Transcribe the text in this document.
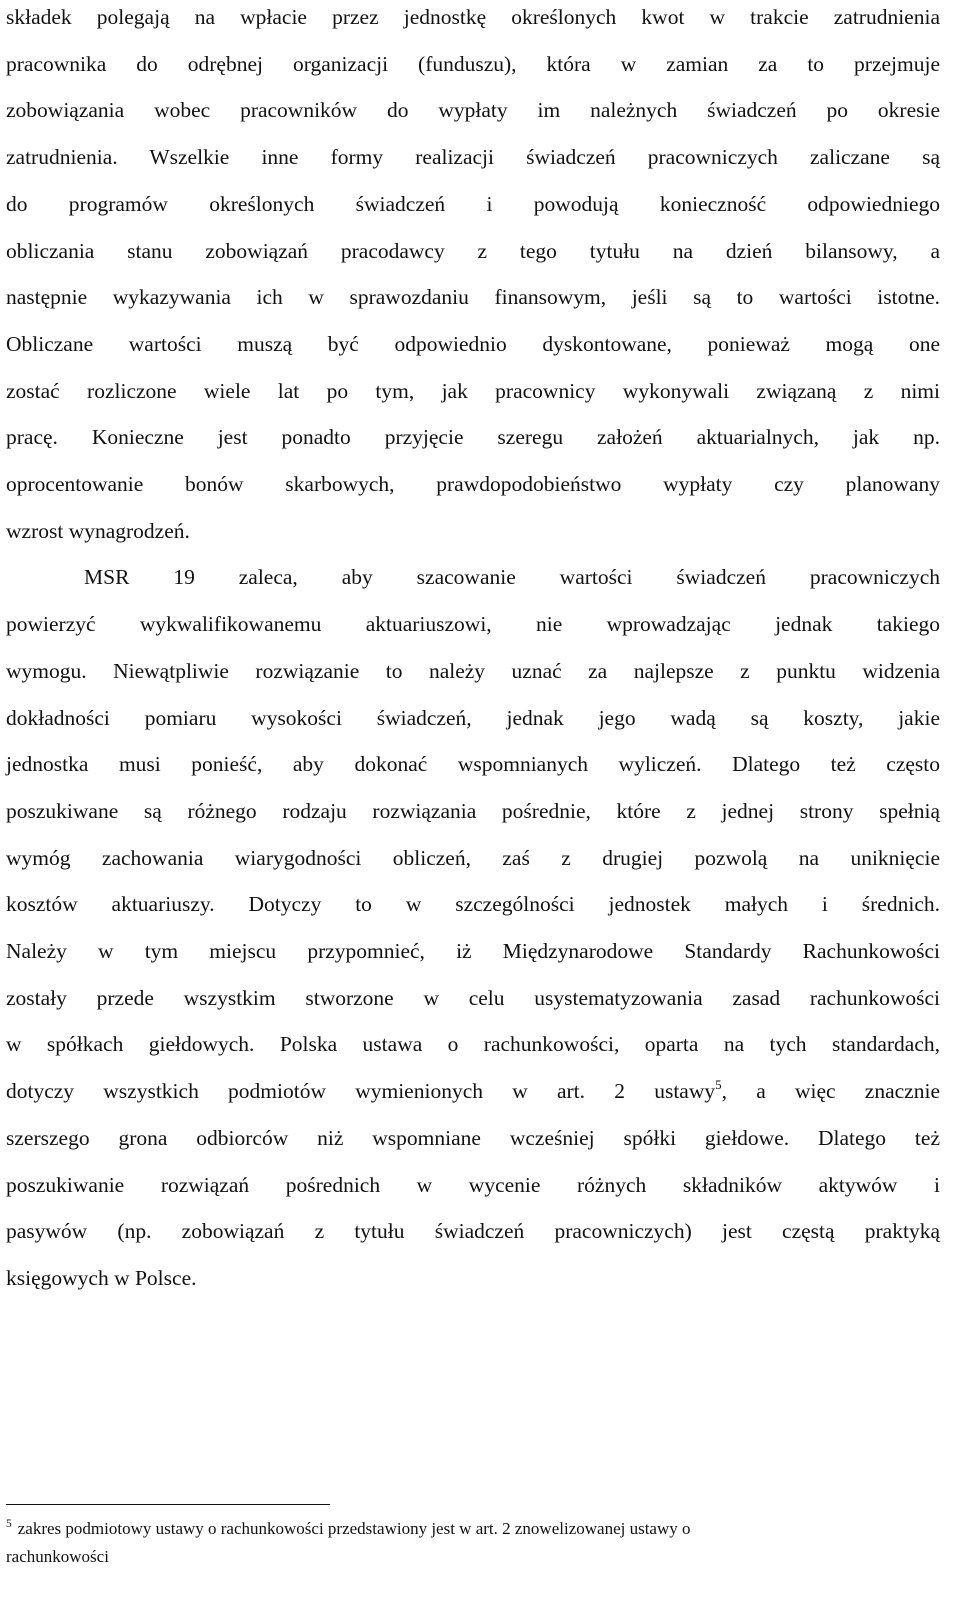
składek polegają na wpłacie przez jednostkę określonych kwot w trakcie zatrudnienia
pracownika do odrębnej organizacji (funduszu), która w zamian za to przejmuje
zobowiązania wobec pracowników do wypłaty im należnych świadczeń po okresie
zatrudnienia. Wszelkie inne formy realizacji świadczeń pracowniczych zaliczane są
do programów określonych świadczeń i powodują konieczność odpowiedniego
obliczania stanu zobowiązań pracodawcy z tego tytułu na dzień bilansowy, a
następnie wykazywania ich w sprawozdaniu finansowym, jeśli są to wartości istotne.
Obliczane wartości muszą być odpowiednio dyskontowane, ponieważ mogą one
zostać rozliczone wiele lat po tym, jak pracownicy wykonywali związaną z nimi
pracę. Konieczne jest ponadto przyjęcie szeregu założeń aktuarialnych, jak np.
oprocentowanie bonów skarbowych, prawdopodobieństwo wypłaty czy planowany
wzrost wynagrodzeń.
MSR 19 zaleca, aby szacowanie wartości świadczeń pracowniczych
powierzyć wykwalifikowanemu aktuariuszowi, nie wprowadzając jednak takiego
wymogu. Niewątpliwie rozwiązanie to należy uznać za najlepsze z punktu widzenia
dokładności pomiaru wysokości świadczeń, jednak jego wadą są koszty, jakie
jednostka musi ponieść, aby dokonać wspomnianych wyliczeń. Dlatego też często
poszukiwane są różnego rodzaju rozwiązania pośrednie, które z jednej strony spełnią
wymóg zachowania wiarygodności obliczeń, zaś z drugiej pozwolą na uniknięcie
kosztów aktuariuszy. Dotyczy to w szczególności jednostek małych i średnich.
Należy w tym miejscu przypomnieć, iż Międzynarodowe Standardy Rachunkowości
zostały przede wszystkim stworzone w celu usystematyzowania zasad rachunkowości
w spółkach giełdowych. Polska ustawa o rachunkowości, oparta na tych standardach,
dotyczy wszystkich podmiotów wymienionych w art. 2 ustawy$^5$, a więc znacznie
szerszego grona odbiorców niż wspomniane wcześniej spółki giełdowe. Dlatego też
poszukiwanie rozwiązań pośrednich w wycenie różnych składników aktywów i
pasywów (np. zobowiązań z tytułu świadczeń pracowniczych) jest częstą praktyką
księgowych w Polsce.
$^5$ zakres podmiotowy ustawy o rachunkowości przedstawiony jest w art. 2 znowelizowanej ustawy o
rachunkowości
